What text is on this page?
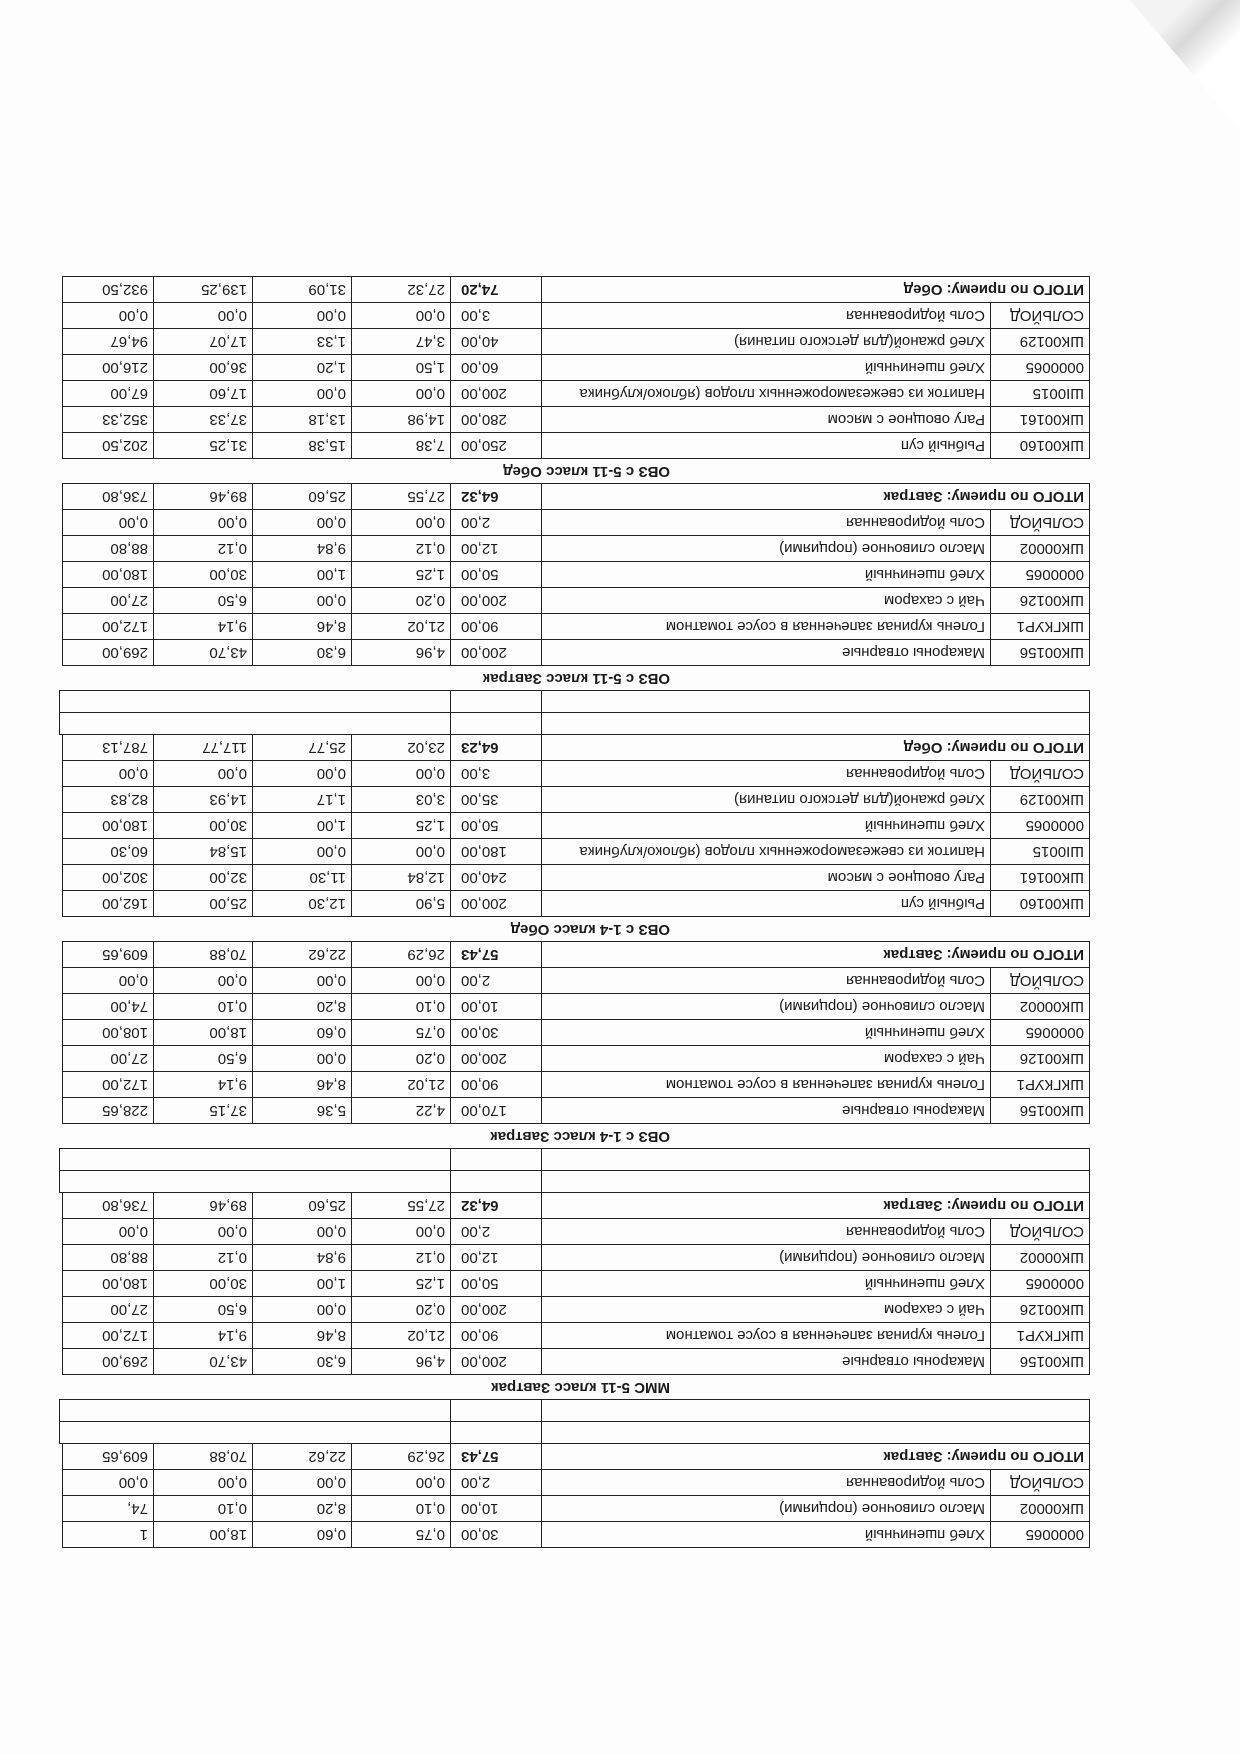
0000065
Хлеб пшеничный
30,00
0,75
0,60
18,00
1
ШК00002
Масло сливочное (порциями)
10,00
0,10
8,20
0,10
74,
СОЛЬЙОД
Соль йодированная
2,00
0,00
0,00
0,00
0,00
ИТОГО по приему: Завтрак
57,43
26,29
22,62
70,88
609,65
ММС 5-11 класс Завтрак
ШК00156
Макароны отварные
200,00
4,96
6,30
43,70
269,00
ШКГКУР1
Голень куриная запеченная в соусе томатном
90,00
21,02
8,46
9,14
172,00
ШК00126
Чай с сахаром
200,00
0,20
0,00
6,50
27,00
0000065
Хлеб пшеничный
50,00
1,25
1,00
30,00
180,00
ШК00002
Масло сливочное (порциями)
12,00
0,12
9,84
0,12
88,80
СОЛЬЙОД
Соль йодированная
2,00
0,00
0,00
0,00
0,00
ИТОГО по приему: Завтрак
64,32
27,55
25,60
89,46
736,80
ОВЗ с 1-4 класс Завтрак
ШК00156
Макароны отварные
170,00
4,22
5,36
37,15
228,65
ШКГКУР1
Голень куриная запеченная в соусе томатном
90,00
21,02
8,46
9,14
172,00
ШК00126
Чай с сахаром
200,00
0,20
0,00
6,50
27,00
0000065
Хлеб пшеничный
30,00
0,75
0,60
18,00
108,00
ШК00002
Масло сливочное (порциями)
10,00
0,10
8,20
0,10
74,00
СОЛЬЙОД
Соль йодированная
2,00
0,00
0,00
0,00
0,00
ИТОГО по приему: Завтрак
57,43
26,29
22,62
70,88
609,65
ОВЗ с 1-4 класс Обед
ШК00160
Рыбный суп
200,00
5,90
12,30
25,00
162,00
ШК00161
Рагу овощное с мясом
240,00
12,84
11,30
32,00
302,00
ШI0015
Напиток из свежезамороженных плодов (яблоко/клубника
180,00
0,00
0,00
15,84
60,30
0000065
Хлеб пшеничный
50,00
1,25
1,00
30,00
180,00
ШК00129
Хлеб ржаной(для детского питания)
35,00
3,03
1,17
14,93
82,83
СОЛЬЙОД
Соль йодированная
3,00
0,00
0,00
0,00
0,00
ИТОГО по приему: Обед
64,23
23,02
25,77
117,77
787,13
ОВЗ с 5-11 класс Завтрак
ШК00156
Макароны отварные
200,00
4,96
6,30
43,70
269,00
ШКГКУР1
Голень куриная запеченная в соусе томатном
90,00
21,02
8,46
9,14
172,00
ШК00126
Чай с сахаром
200,00
0,20
0,00
6,50
27,00
0000065
Хлеб пшеничный
50,00
1,25
1,00
30,00
180,00
ШК00002
Масло сливочное (порциями)
12,00
0,12
9,84
0,12
88,80
СОЛЬЙОД
Соль йодированная
2,00
0,00
0,00
0,00
0,00
ИТОГО по приему: Завтрак
64,32
27,55
25,60
89,46
736,80
ОВЗ с 5-11 класс Обед
ШК00160
Рыбный суп
250,00
7,38
15,38
31,25
202,50
ШК00161
Рагу овощное с мясом
280,00
14,98
13,18
37,33
352,33
ШI0015
Напиток из свежезамороженных плодов (яблоко/клубника
200,00
0,00
0,00
17,60
67,00
0000065
Хлеб пшеничный
60,00
1,50
1,20
36,00
216,00
ШК00129
Хлеб ржаной(для детского питания)
40,00
3,47
1,33
17,07
94,67
СОЛЬЙОД
Соль йодированная
3,00
0,00
0,00
0,00
0,00
ИТОГО по приему: Обед
74,20
27,32
31,09
139,25
932,50
